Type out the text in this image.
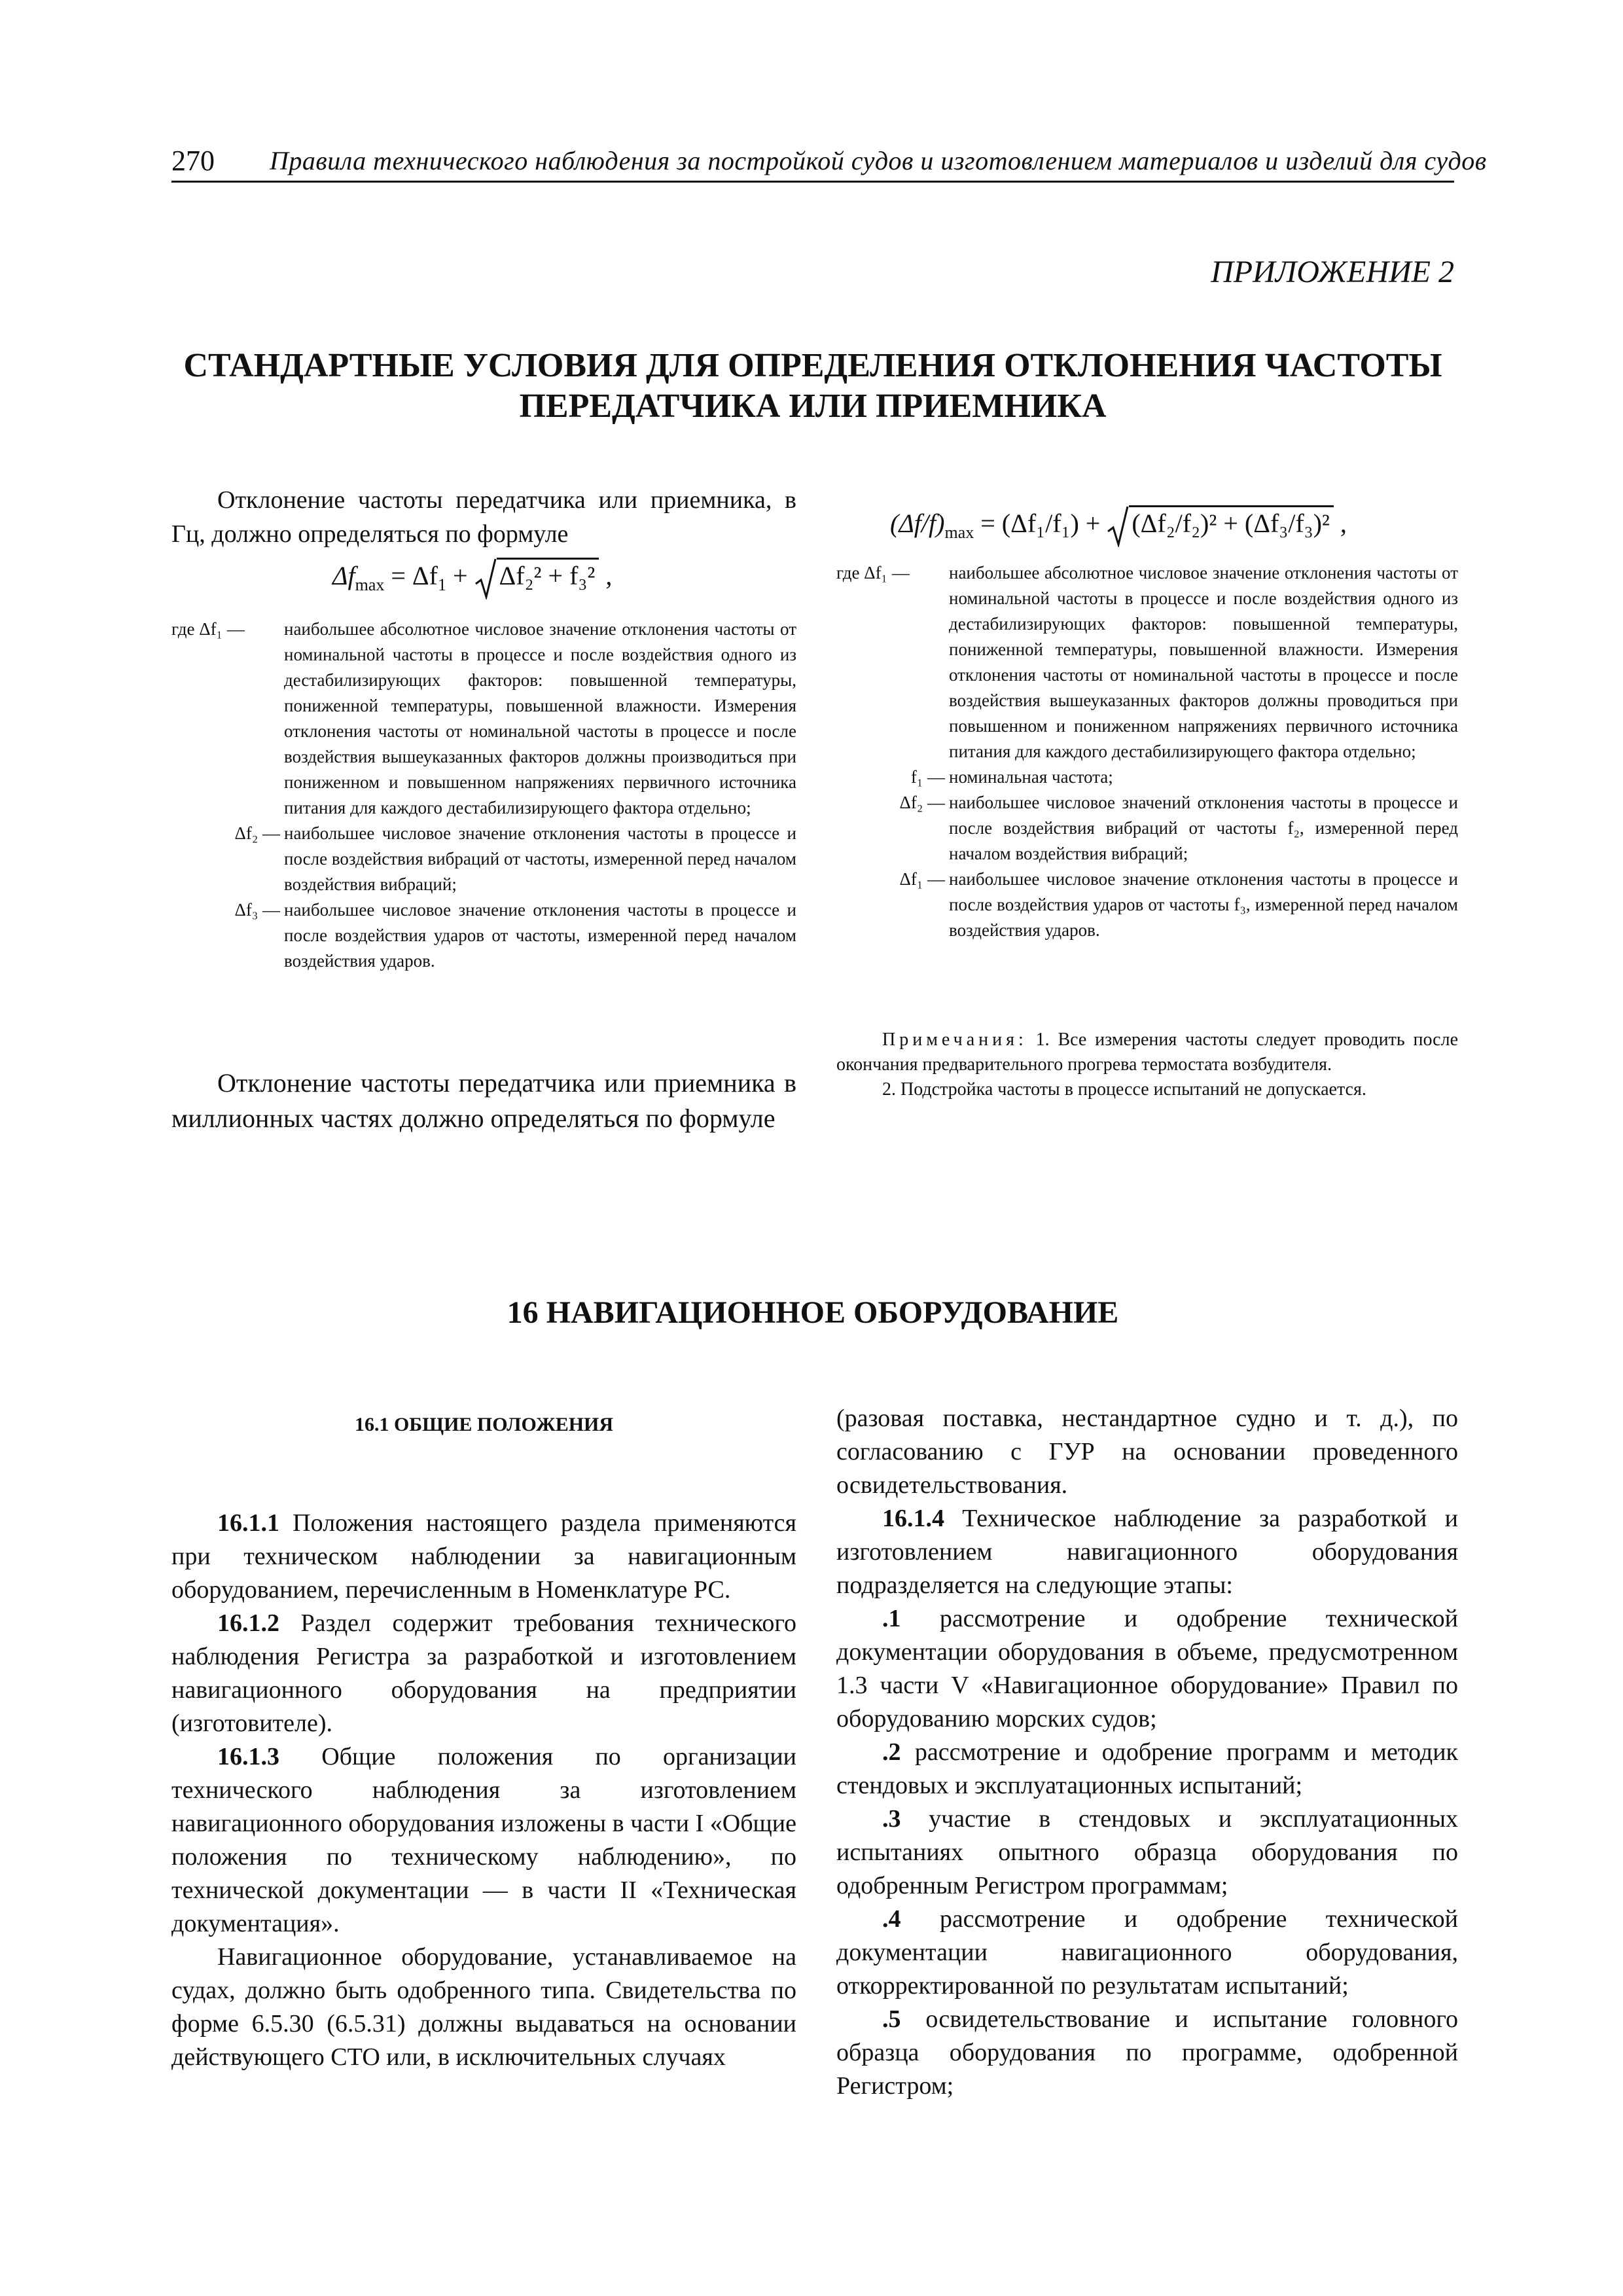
270 Правила технического наблюдения за постройкой судов и изготовлением материалов и изделий для судов
ПРИЛОЖЕНИЕ 2
СТАНДАРТНЫЕ УСЛОВИЯ ДЛЯ ОПРЕДЕЛЕНИЯ ОТКЛОНЕНИЯ ЧАСТОТЫ
ПЕРЕДАТЧИКА ИЛИ ПРИЕМНИКА
Отклонение частоты передатчика или приемника, в Гц, должно определяться по формуле
$\Delta f_{max} = \Delta f_1 + \Delta f_2^2 + f_3^2$ ,
где Δf₁ —	наибольшее абсолютное числовое значение отклонения частоты от номинальной частоты в процессе и после воздействия одного из дестабилизирующих факторов: повышенной температуры, пониженной температуры, повышенной влажности. Измерения отклонения частоты от номинальной частоты в процессе и после воздействия вышеуказанных факторов должны производиться при пониженном и повышенном напряжениях первичного источника питания для каждого дестабилизирующего фактора отдельно;
Δf₂ — наибольшее числовое значение отклонения частоты в процессе и после воздействия вибраций от частоты, измеренной перед началом воздействия вибраций;
Δf₃ — наибольшее числовое значение отклонения частоты в процессе и после воздействия ударов от частоты, измеренной перед началом воздействия ударов.
Отклонение частоты передатчика или приемника в миллионных частях должно определяться по формуле
$(\Delta f/f)_{max} = (\Delta f_1/f_1) + (\Delta f_2/f_2)^2 + (\Delta f_3/f_3)^2$ ,
где Δf₁ —	наибольшее абсолютное числовое значение отклонения частоты от номинальной частоты в процессе и после воздействия одного из дестабилизирующих факторов: повышенной температуры, пониженной температуры, повышенной влажности. Измерения отклонения частоты от номинальной частоты в процессе и после воздействия вышеуказанных факторов должны проводиться при повышенном и пониженном напряжениях первичного источника питания для каждого дестабилизирующего фактора отдельно;
f₁ — номинальная частота;
Δf₂ — наибольшее числовое значений отклонения частоты в процессе и после воздействия вибраций от частоты f₂, измеренной перед началом воздействия вибраций;
Δf₁ — наибольшее числовое значение отклонения частоты в процессе и после воздействия ударов от частоты f₃, измеренной перед началом воздействия ударов.
Примечания: 1. Все измерения частоты следует проводить после окончания предварительного прогрева термостата возбудителя.
2. Подстройка частоты в процессе испытаний не допускается.
16 НАВИГАЦИОННОЕ ОБОРУДОВАНИЕ
16.1 ОБЩИЕ ПОЛОЖЕНИЯ

16.1.1 Положения настоящего раздела применяются при техническом наблюдении за навигационным оборудованием, перечисленным в Номенклатуре РС.

16.1.2 Раздел содержит требования технического наблюдения Регистра за разработкой и изготовлением навигационного оборудования на предприятии (изготовителе).

16.1.3 Общие положения по организации технического наблюдения за изготовлением навигационного оборудования изложены в части I «Общие положения по техническому наблюдению», по технической документации — в части II «Техническая документация».

Навигационное оборудование, устанавливаемое на судах, должно быть одобренного типа. Свидетельства по форме 6.5.30 (6.5.31) должны выдаваться на основании действующего СТО или, в исключительных случаях

(разовая поставка, нестандартное судно и т. д.), по согласованию с ГУР на основании проведенного освидетельствования.

16.1.4 Техническое наблюдение за разработкой и изготовлением навигационного оборудования подразделяется на следующие этапы:

.1 рассмотрение и одобрение технической документации оборудования в объеме, предусмотренном 1.3 части V «Навигационное оборудование» Правил по оборудованию морских судов;

.2 рассмотрение и одобрение программ и методик стендовых и эксплуатационных испытаний;

.3 участие в стендовых и эксплуатационных испытаниях опытного образца оборудования по одобренным Регистром программам;

.4 рассмотрение и одобрение технической документации навигационного оборудования, откорректированной по результатам испытаний;

.5 освидетельствование и испытание головного образца оборудования по программе, одобренной Регистром;
